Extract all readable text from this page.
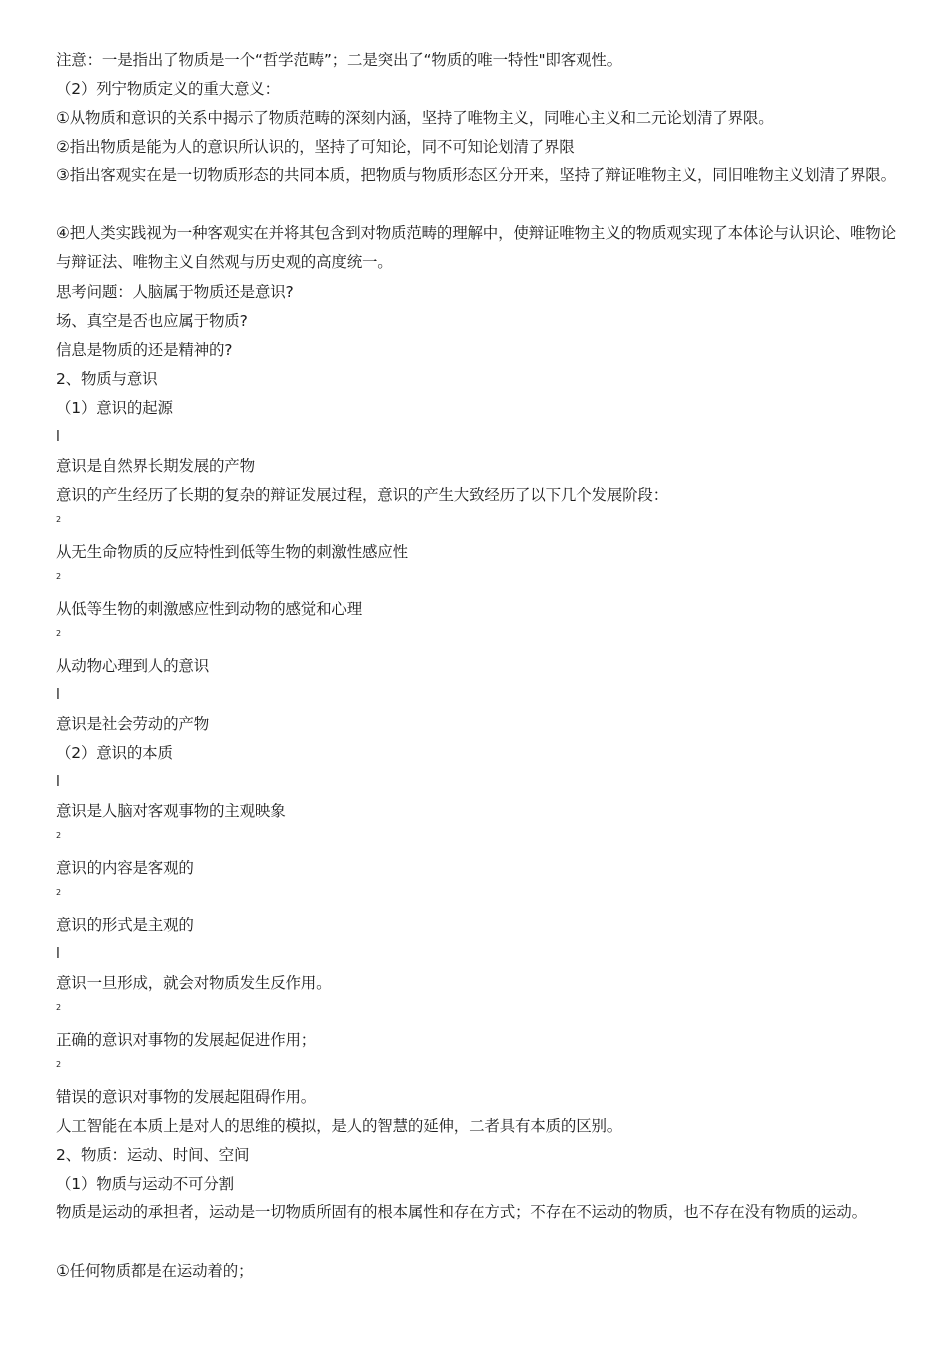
注意：一是指出了物质是一个“哲学范畴”；二是突出了“物质的唯一特性"即客观性。
（2）列宁物质定义的重大意义：
①从物质和意识的关系中揭示了物质范畴的深刻内涵，坚持了唯物主义，同唯心主义和二元论划清了界限。
②指出物质是能为人的意识所认识的，坚持了可知论，同不可知论划清了界限
③指出客观实在是一切物质形态的共同本质，把物质与物质形态区分开来，坚持了辩证唯物主义，同旧唯物主义划清了界限。
④把人类实践视为一种客观实在并将其包含到对物质范畴的理解中，使辩证唯物主义的物质观实现了本体论与认识论、唯物论与辩证法、唯物主义自然观与历史观的高度统一。
思考问题：人脑属于物质还是意识?
场、真空是否也应属于物质?
信息是物质的还是精神的?
2、物质与意识
（1）意识的起源
l
意识是自然界长期发展的产物
意识的产生经历了长期的复杂的辩证发展过程，意识的产生大致经历了以下几个发展阶段：
2
从无生命物质的反应特性到低等生物的刺激性感应性
2
从低等生物的刺激感应性到动物的感觉和心理
2
从动物心理到人的意识
l
意识是社会劳动的产物
（2）意识的本质
l
意识是人脑对客观事物的主观映象
2
意识的内容是客观的
2
意识的形式是主观的
l
意识一旦形成，就会对物质发生反作用。
2
正确的意识对事物的发展起促进作用；
2
错误的意识对事物的发展起阻碍作用。
人工智能在本质上是对人的思维的模拟，是人的智慧的延伸，二者具有本质的区别。
2、物质：运动、时间、空间
（1）物质与运动不可分割
物质是运动的承担者，运动是一切物质所固有的根本属性和存在方式；不存在不运动的物质，也不存在没有物质的运动。
①任何物质都是在运动着的；
